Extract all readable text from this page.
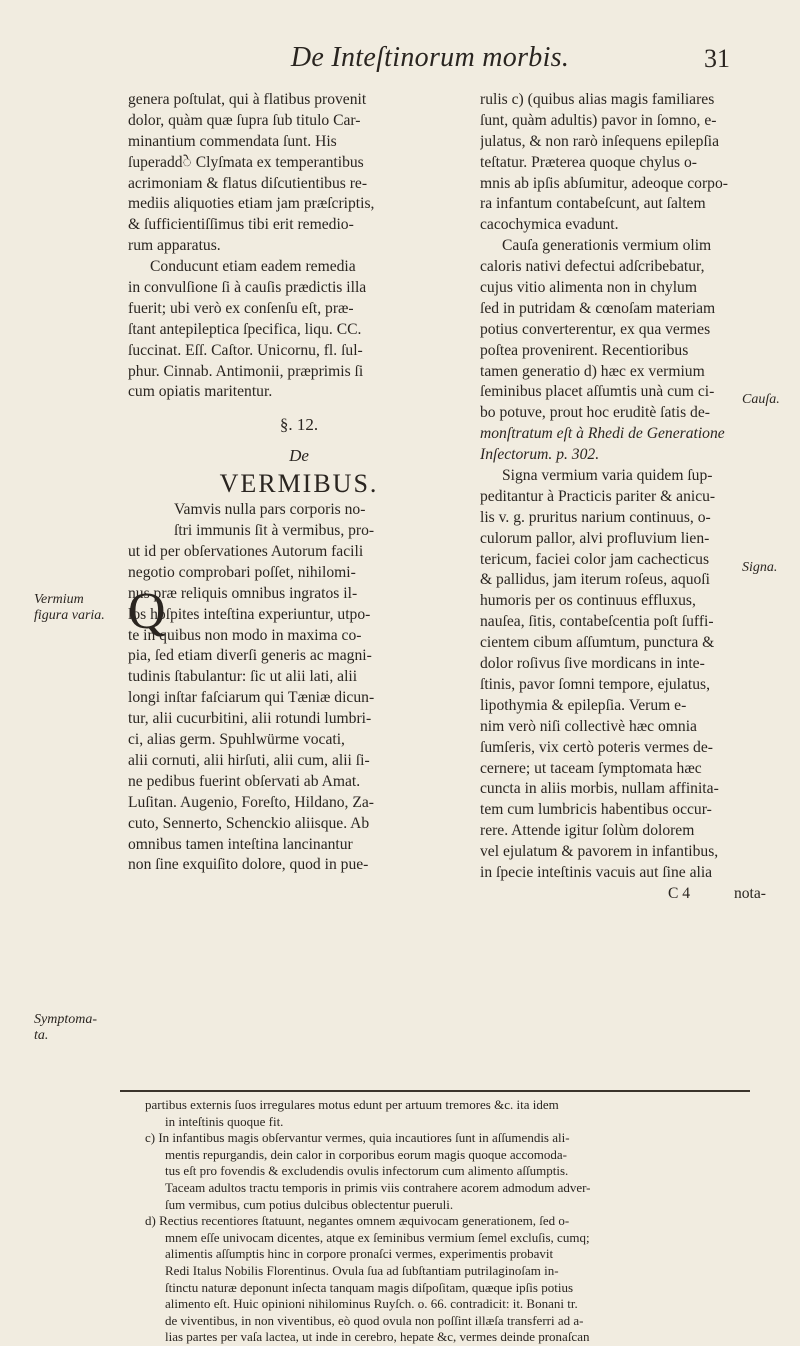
De Inteſtinorum morbis.	31
genera poſtulat, qui à flatibus provenit
dolor, quàm quæ ſupra ſub titulo Car-
minantium commendata ſunt. His
ſuperaddे Clyſmata ex temperantibus
acrimoniam & flatus diſcutientibus re-
mediis aliquoties etiam jam præſcriptis,
& ſufficientiſſimus tibi erit remedio-
rum apparatus.
Conducunt etiam eadem remedia
in convulſione ſi à cauſis prædictis illa
fuerit; ubi verò ex conſenſu eſt, præ-
ſtant antepileptica ſpecifica, liqu. CC.
ſuccinat. Eſſ. Caſtor. Unicornu, fl. ſul-
phur. Cinnab. Antimonii, præprimis ſi
cum opiatis maritentur.
§. 12.
De
VERMIBUS.
Vamvis nulla pars corporis no-
ſtri immunis ſit à vermibus, pro-
ut id per obſervationes Autorum facili
negotio comprobari poſſet, nihilomi-
nus præ reliquis omnibus ingratos il-
los hoſpites inteſtina experiuntur, utpo-
te in quibus non modo in maxima co-
pia, ſed etiam diverſi generis ac magni-
tudinis ſtabulantur: ſic ut alii lati, alii
longi inſtar faſciarum qui Tæniæ dicun-
tur, alii cucurbitini, alii rotundi lumbri-
ci, alias germ. Spuhlwürme vocati,
alii cornuti, alii hirſuti, alii cum, alii ſi-
ne pedibus fuerint obſervati ab Amat.
Luſitan. Augenio, Foreſto, Hildano, Za-
cuto, Sennerto, Schenckio aliisque. Ab
omnibus tamen inteſtina lancinantur
non ſine exquiſito dolore, quod in pue-
Q
rulis c) (quibus alias magis familiares
ſunt, quàm adultis) pavor in ſomno, e-
julatus, & non rarò inſequens epilepſia
teſtatur. Præterea quoque chylus o-
mnis ab ipſis abſumitur, adeoque corpo-
ra infantum contabeſcunt, aut ſaltem
cacochymica evadunt.
Cauſa generationis vermium olim
caloris nativi defectui adſcribebatur,
cujus vitio alimenta non in chylum
ſed in putridam & cœnoſam materiam
potius converterentur, ex qua vermes
poſtea provenirent. Recentioribus
tamen generatio d) hæc ex vermium
ſeminibus placet aſſumtis unà cum ci-
bo potuve, prout hoc eruditè ſatis de-
monſtratum eſt à Rhedi de Generatione
Inſectorum. p. 302.
Signa vermium varia quidem ſup-
peditantur à Practicis pariter & anicu-
lis v. g. pruritus narium continuus, o-
culorum pallor, alvi profluvium lien-
tericum, faciei color jam cachecticus
& pallidus, jam iterum roſeus, aquoſi
humoris per os continuus effluxus,
nauſea, ſitis, contabeſcentia poſt ſuffi-
cientem cibum aſſumtum, punctura &
dolor roſivus ſive mordicans in inte-
ſtinis, pavor ſomni tempore, ejulatus,
lipothymia & epilepſia. Verum e-
nim verò niſi collectivè hæc omnia
ſumſeris, vix certò poteris vermes de-
cernere; ut taceam ſymptomata hæc
cuncta in aliis morbis, nullam affinita-
tem cum lumbricis habentibus occur-
rere. Attende igitur ſolùm dolorem
vel ejulatum & pavorem in infantibus,
in ſpecie inteſtinis vacuis aut ſine alia
C 4	nota-
Vermium
figura varia.
Symptoma-
ta.
Cauſa.
Signa.
partibus externis ſuos irregulares motus edunt per artuum tremores &c. ita idem
in inteſtinis quoque fit.
c) In infantibus magis obſervantur vermes, quia incautiores ſunt in aſſumendis ali-
mentis repurgandis, dein calor in corporibus eorum magis quoque accomoda-
tus eſt pro fovendis & excludendis ovulis infectorum cum alimento aſſumptis.
Taceam adultos tractu temporis in primis viis contrahere acorem admodum adver-
ſum vermibus, cum potius dulcibus oblectentur pueruli.
d) Rectius recentiores ſtatuunt, negantes omnem æquivocam generationem, ſed o-
mnem eſſe univocam dicentes, atque ex ſeminibus vermium ſemel excluſis, cumq;
alimentis aſſumptis hinc in corpore pronaſci vermes, experimentis probavit
Redi Italus Nobilis Florentinus. Ovula ſua ad ſubſtantiam putrilaginoſam in-
ſtinctu naturæ deponunt inſecta tanquam magis diſpoſitam, quæque ipſis potius
alimento eſt. Huic opinioni nihilominus Ruyſch. o. 66. contradicit: it. Bonani tr.
de viventibus, in non viventibus, eò quod ovula non poſſint illæſa transferri ad a-
lias partes per vaſa lactea, ut inde in cerebro, hepate &c, vermes deinde pronaſcan
